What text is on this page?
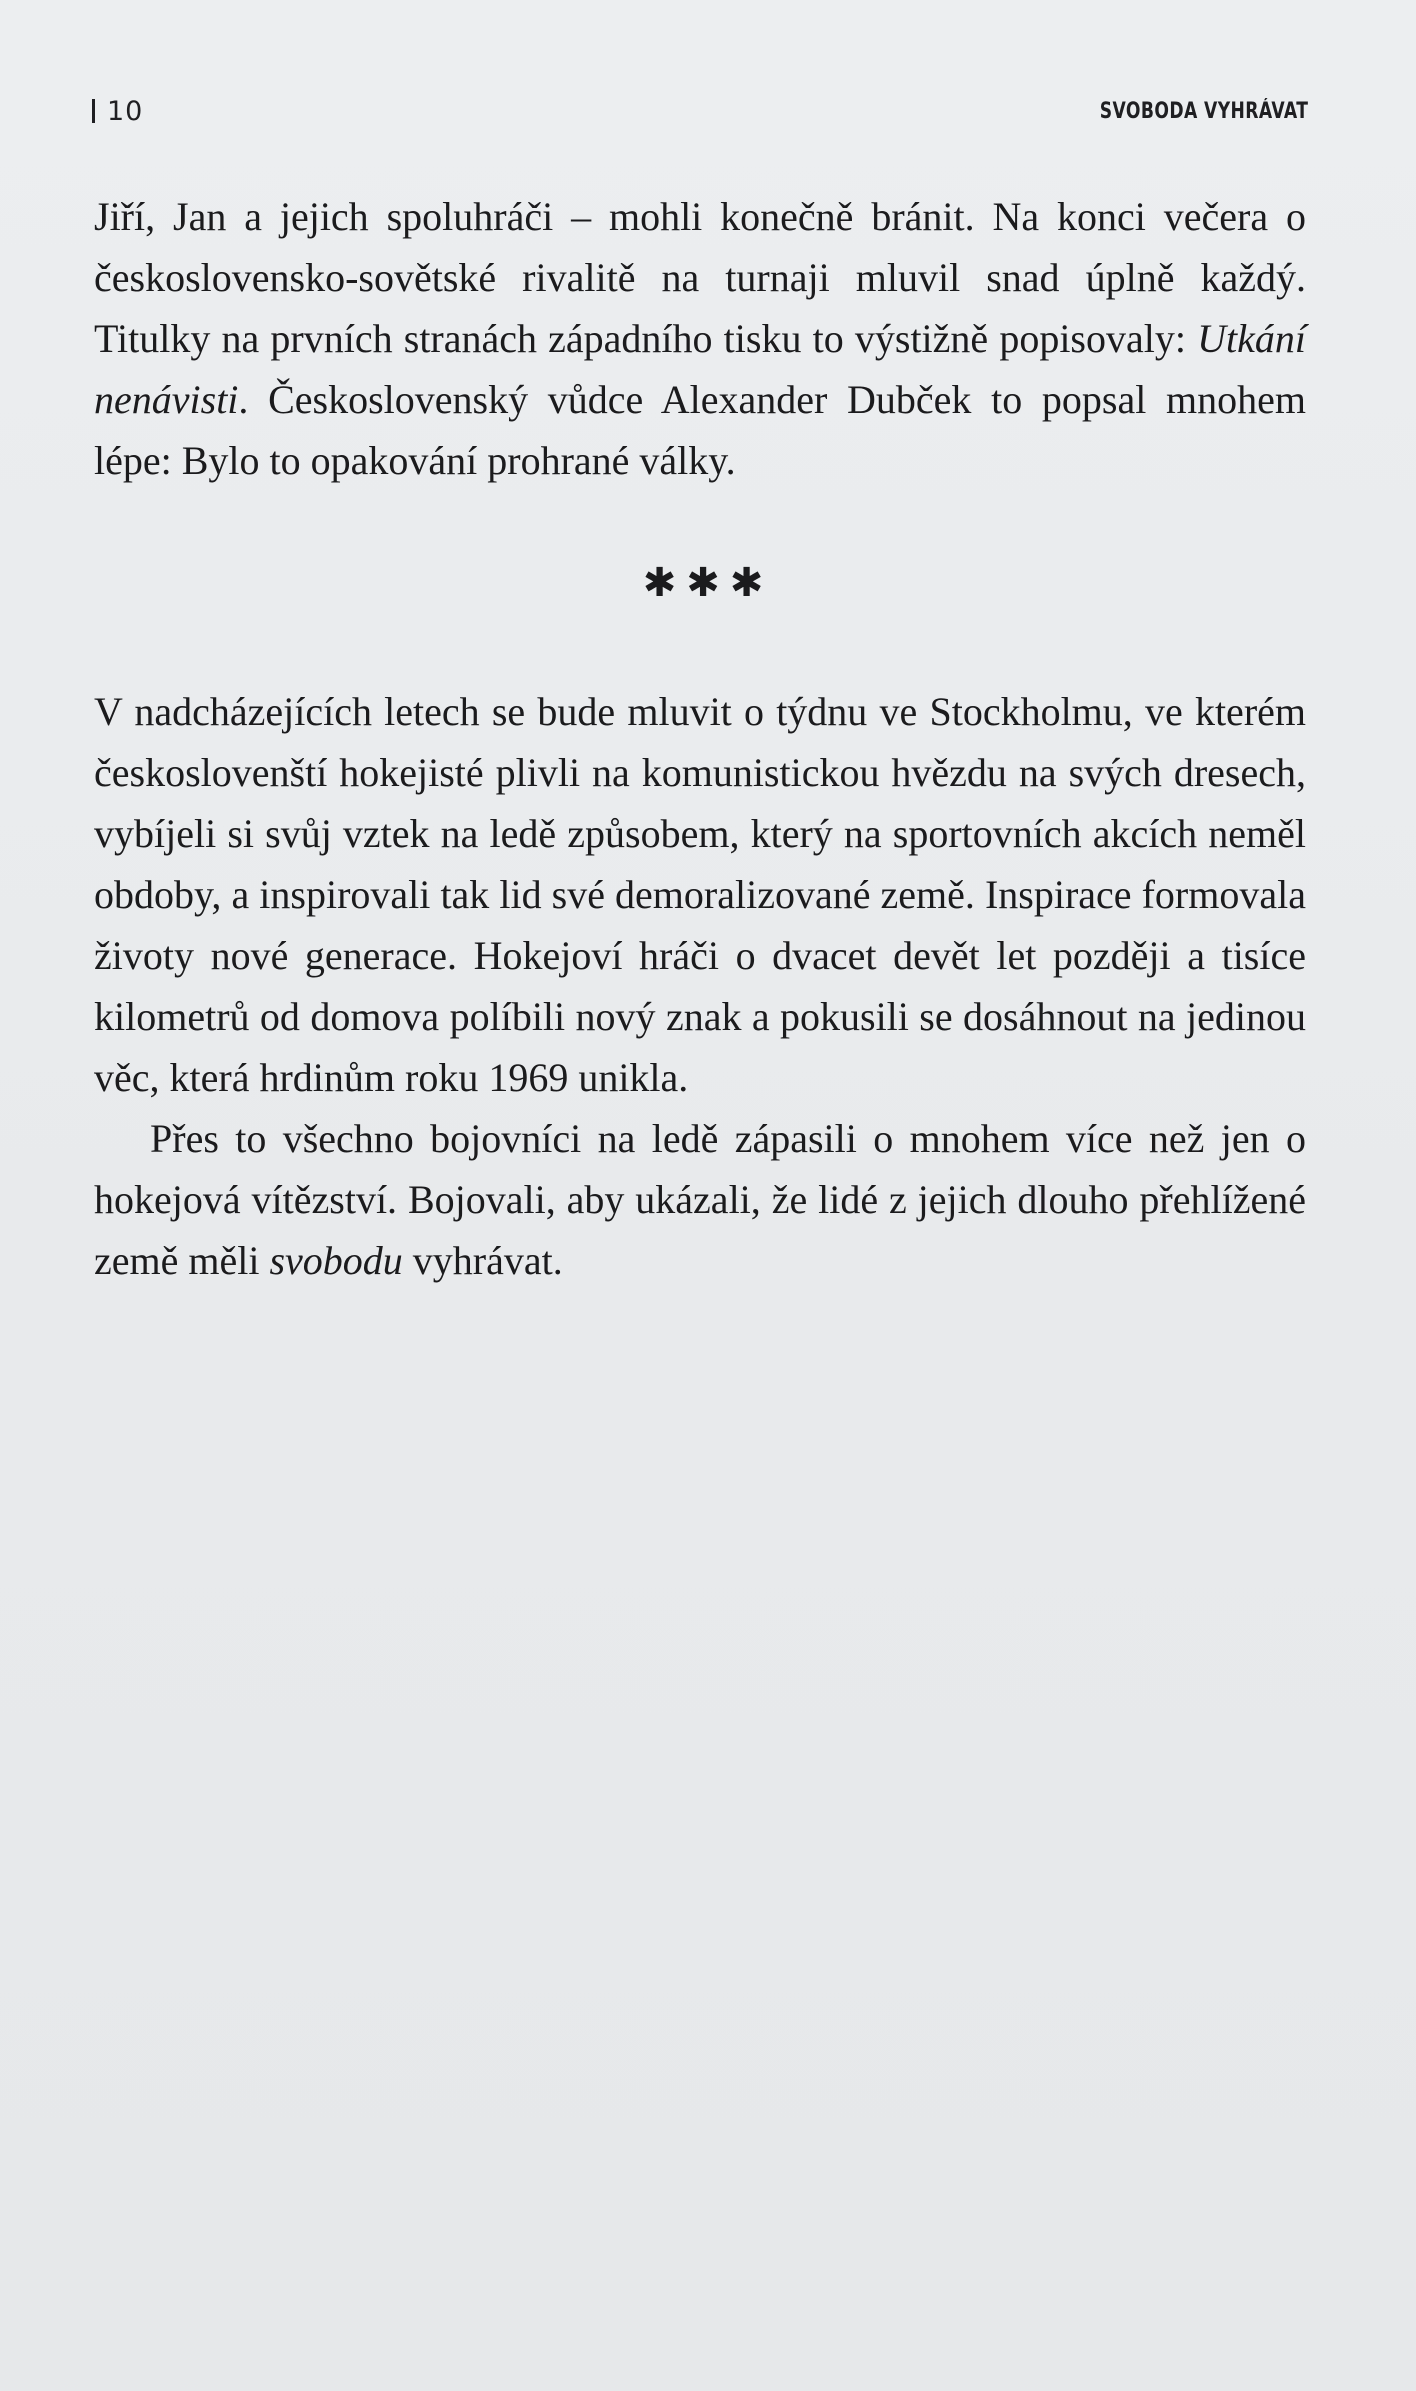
10	SVOBODA VYHRÁVAT

Jiří, Jan a jejich spoluhráči – mohli konečně bránit. Na konci večera o československo-sovětské rivalitě na turnaji mluvil snad úplně každý. Titulky na prvních stranách západního tisku to výstižně popisovaly: Utkání nenávisti. Československý vůdce Alexander Dubček to popsal mnohem lépe: Bylo to opakování prohrané války.

✱✱✱

V nadcházejících letech se bude mluvit o týdnu ve Stockholmu, ve kterém českoslovenští hokejisté plivli na komunistickou hvězdu na svých dresech, vybíjeli si svůj vztek na ledě způsobem, který na sportovních akcích neměl obdoby, a inspirovali tak lid své demoralizované země. Inspirace formovala životy nové generace. Hokejoví hráči o dvacet devět let později a tisíce kilometrů od domova políbili nový znak a pokusili se dosáhnout na jedinou věc, která hrdinům roku 1969 unikla.

Přes to všechno bojovníci na ledě zápasili o mnohem více než jen o hokejová vítězství. Bojovali, aby ukázali, že lidé z jejich dlouho přehlížené země měli svobodu vyhrávat.
